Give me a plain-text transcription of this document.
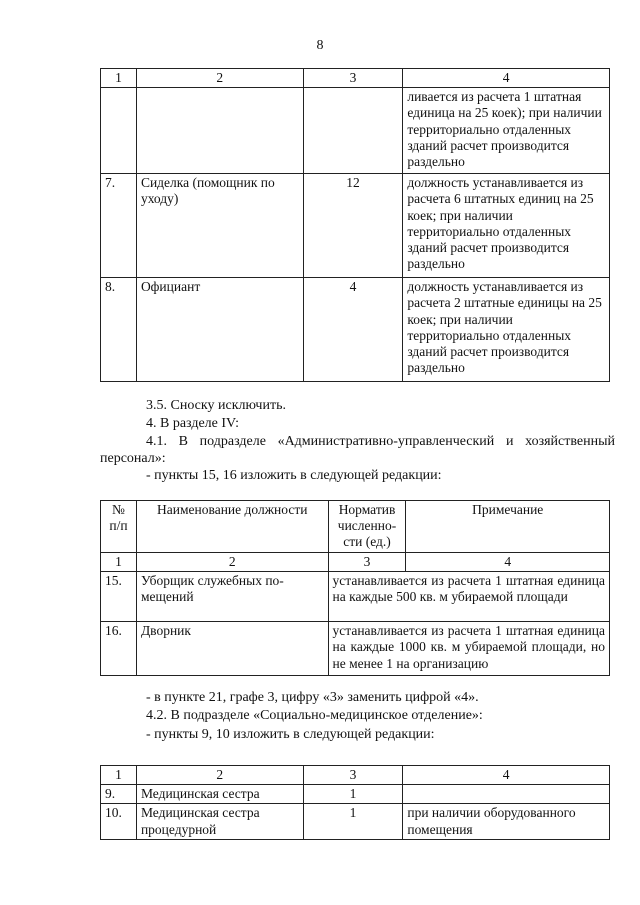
8
1	2	3	4
			ливается из расчета 1 штатная единица на 25 коек); при наличии территориально отдаленных зданий расчет производится раздельно
7.	Сиделка (помощник по уходу)	12	должность устанавливается из расчета 6 штатных единиц на 25 коек; при наличии территориально отдаленных зданий расчет производится раздельно
8.	Официант	4	должность устанавливается из расчета 2 штатные единицы на 25 коек; при наличии территориально отдаленных зданий расчет производится раздельно
3.5. Сноску исключить.
4. В разделе IV:
4.1. В подразделе «Административно-управленческий и хозяйственный персонал»:
- пункты 15, 16 изложить в следующей редакции:
№ п/п	Наименование должности	Норматив численно-сти (ед.)	Примечание
1	2	3	4
15.	Уборщик служебных по-мещений	устанавливается из расчета 1 штатная единица на каждые 500 кв. м убираемой площади	
16.	Дворник	устанавливается из расчета 1 штатная единица на каждые 1000 кв. м убираемой площади, но не менее 1 на организацию	
- в пункте 21, графе 3, цифру «3» заменить цифрой «4».
4.2. В подразделе «Социально-медицинское отделение»:
- пункты 9, 10 изложить в следующей редакции:
1	2	3	4
9.	Медицинская сестра	1	
10.	Медицинская сестра процедурной	1	при наличии оборудованного помещения
